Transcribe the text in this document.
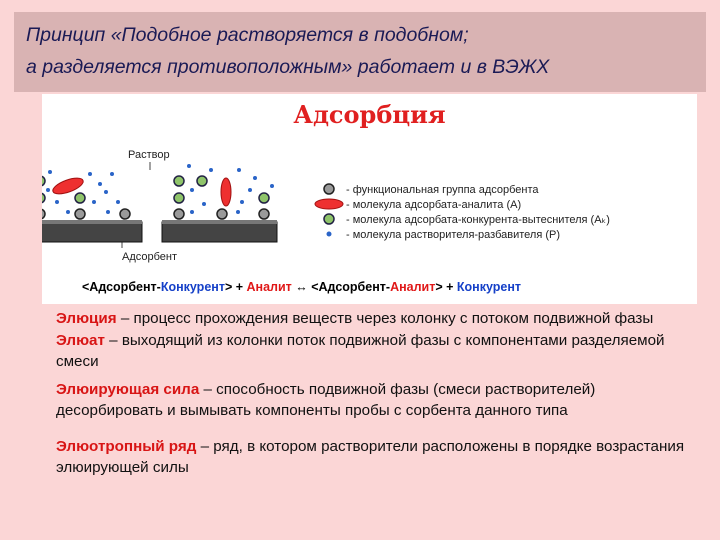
Принцип «Подобное растворяется в подобном;
а разделяется противоположным» работает и в ВЭЖХ
Адсорбция
Раствор
Адсорбент
- функциональная группа адсорбента
- молекула адсорбата-аналита (A)
- молекула адсорбата-конкурента-вытеснителя (Aₖ)
- молекула растворителя-разбавителя (P)
<Адсорбент-Конкурент> + Аналит ↔ <Адсорбент-Аналит> + Конкурент
Элюция – процесс прохождения веществ через колонку с потоком подвижной фазы
Элюат – выходящий из колонки поток подвижной фазы с компонентами разделяемой смеси
Элюирующая сила – способность подвижной фазы (смеси растворителей) десорбировать и вымывать компоненты пробы с сорбента данного типа
Элюотропный ряд – ряд, в котором растворители расположены в порядке возрастания элюирующей силы
